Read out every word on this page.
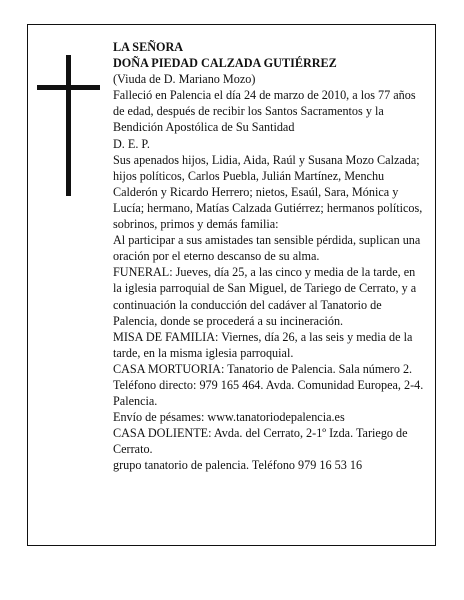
LA SEÑORA

DOÑA PIEDAD CALZADA GUTIÉRREZ

(Viuda de D. Mariano Mozo)

Falleció en Palencia el día 24 de marzo de 2010, a los 77 años de edad, después de recibir los Santos Sacramentos y la Bendición Apostólica de Su Santidad

D. E. P.

Sus apenados hijos, Lidia, Aida, Raúl y Susana Mozo Calzada; hijos políticos, Carlos Puebla, Julián Martínez, Menchu Calderón y Ricardo Herrero; nietos, Esaúl, Sara, Mónica y Lucía; hermano, Matías Calzada Gutiérrez; hermanos políticos, sobrinos, primos y demás familia:

Al participar a sus amistades tan sensible pérdida, suplican una oración por el eterno descanso de su alma.

FUNERAL: Jueves, día 25, a las cinco y media de la tarde, en la iglesia parroquial de San Miguel, de Tariego de Cerrato, y a continuación la conducción del cadáver al Tanatorio de Palencia, donde se procederá a su incineración.

MISA DE FAMILIA: Viernes, día 26, a las seis y media de la tarde, en la misma iglesia parroquial.

CASA MORTUORIA: Tanatorio de Palencia. Sala número 2. Teléfono directo: 979 165 464. Avda. Comunidad Europea, 2-4. Palencia.

Envío de pésames: www.tanatoriodepalencia.es

CASA DOLIENTE: Avda. del Cerrato, 2-1º Izda. Tariego de Cerrato.

grupo tanatorio de palencia. Teléfono 979 16 53 16
